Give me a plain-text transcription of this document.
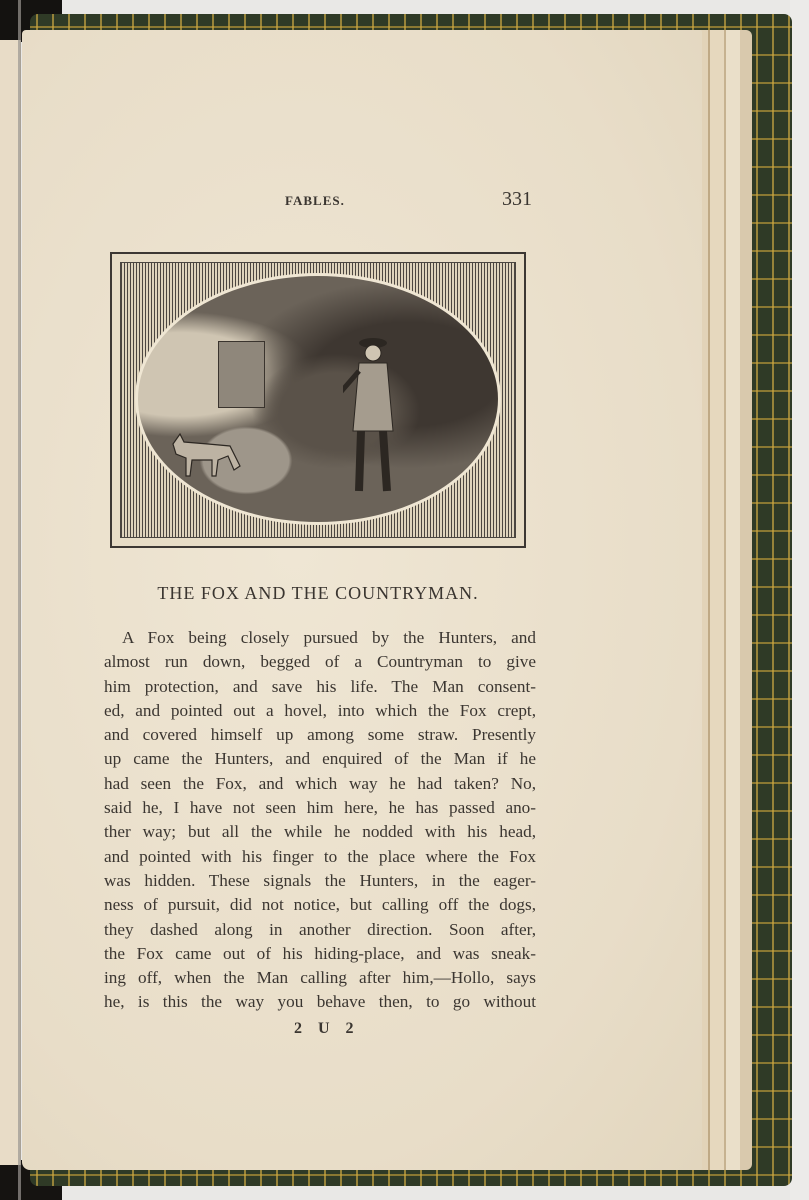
FABLES.	331
THE FOX AND THE COUNTRYMAN.
A Fox being closely pursued by the Hunters, and
almost run down, begged of a Countryman to give
him protection, and save his life. The Man consent-
ed, and pointed out a hovel, into which the Fox crept,
and covered himself up among some straw. Presently
up came the Hunters, and enquired of the Man if he
had seen the Fox, and which way he had taken? No,
said he, I have not seen him here, he has passed ano-
ther way; but all the while he nodded with his head,
and pointed with his finger to the place where the Fox
was hidden. These signals the Hunters, in the eager-
ness of pursuit, did not notice, but calling off the dogs,
they dashed along in another direction. Soon after,
the Fox came out of his hiding-place, and was sneak-
ing off, when the Man calling after him,—Hollo, says
he, is this the way you behave then, to go without
2 U 2
